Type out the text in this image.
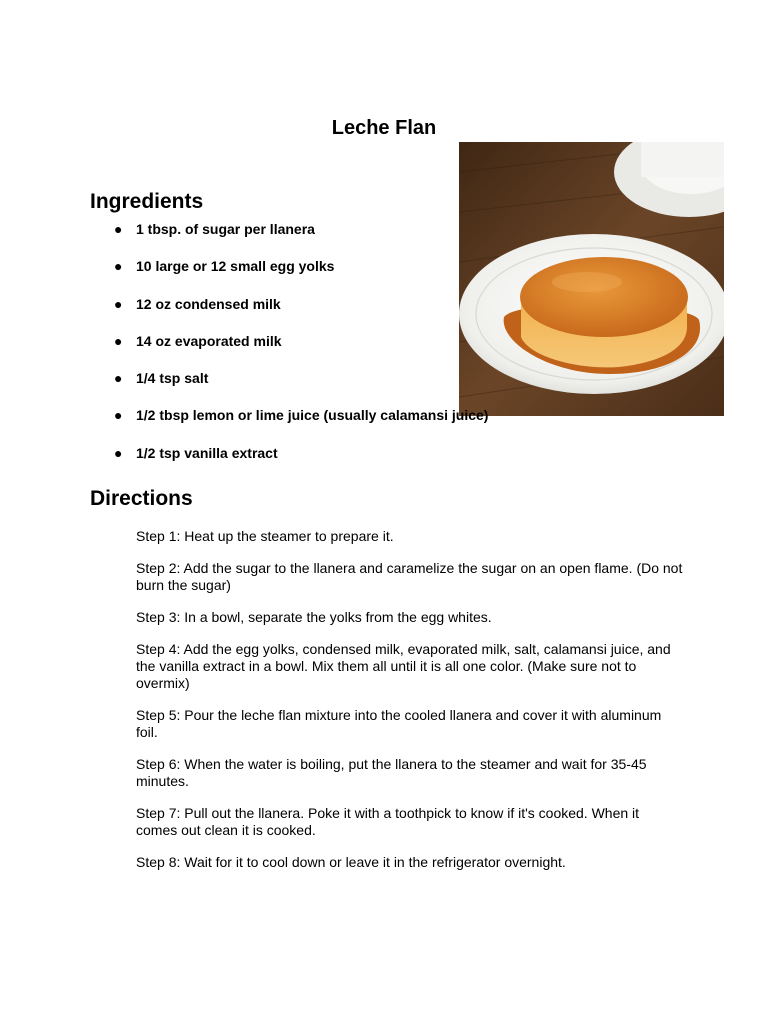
Leche Flan
Ingredients
● 1 tbsp. of sugar per llanera
● 10 large or 12 small egg yolks
● 12 oz condensed milk
● 14 oz evaporated milk
● 1/4 tsp salt
● 1/2 tbsp lemon or lime juice (usually calamansi juice)
● 1/2 tsp vanilla extract
Directions

Step 1: Heat up the steamer to prepare it.

Step 2: Add the sugar to the llanera and caramelize the sugar on an open flame. (Do not burn the sugar)

Step 3: In a bowl, separate the yolks from the egg whites.

Step 4: Add the egg yolks, condensed milk, evaporated milk, salt, calamansi juice, and the vanilla extract in a bowl. Mix them all until it is all one color. (Make sure not to overmix)

Step 5: Pour the leche flan mixture into the cooled llanera and cover it with aluminum foil.

Step 6: When the water is boiling, put the llanera to the steamer and wait for 35-45 minutes.

Step 7: Pull out the llanera. Poke it with a toothpick to know if it's cooked. When it comes out clean it is cooked.

Step 8: Wait for it to cool down or leave it in the refrigerator overnight.
